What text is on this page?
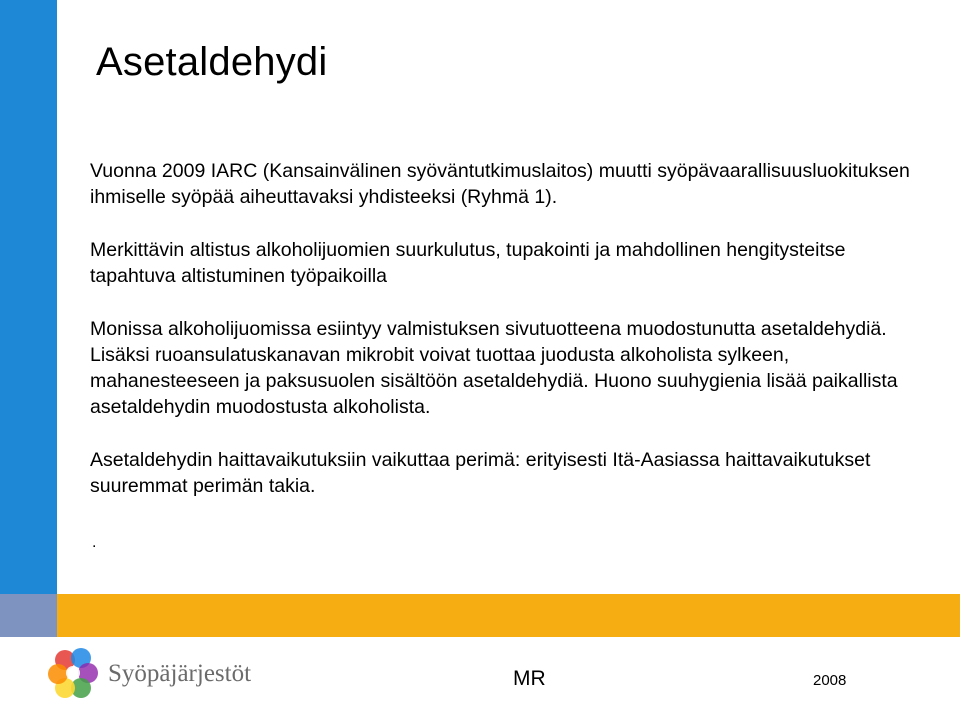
Asetaldehydi

Vuonna 2009 IARC (Kansainvälinen syöväntutkimuslaitos) muutti syöpävaarallisuusluokituksen ihmiselle syöpää aiheuttavaksi yhdisteeksi (Ryhmä 1).

Merkittävin altistus alkoholijuomien suurkulutus, tupakointi ja mahdollinen hengitysteitse tapahtuva altistuminen työpaikoilla

Monissa alkoholijuomissa esiintyy valmistuksen sivutuotteena muodostunutta asetaldehydiä. Lisäksi ruoansulatuskanavan mikrobit voivat tuottaa juodusta alkoholista sylkeen, mahanesteeseen ja paksusuolen sisältöön asetaldehydiä. Huono suuhygienia lisää paikallista asetaldehydin muodostusta alkoholista.

Asetaldehydin haittavaikutuksiin vaikuttaa perimä: erityisesti Itä-Aasiassa haittavaikutukset suuremmat perimän takia.

.
Syöpäjärjestöt	MR	2008
